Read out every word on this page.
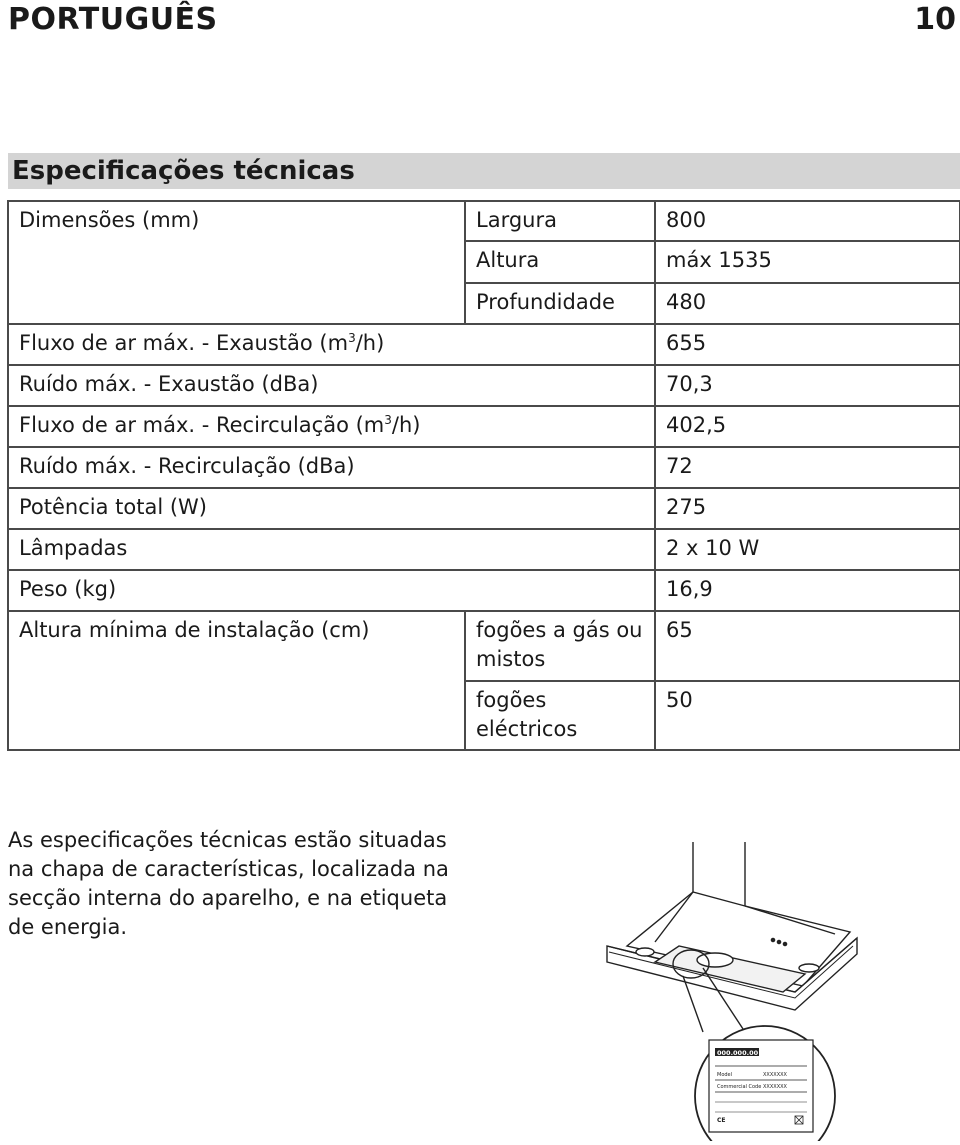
PORTUGUÊS	10
Especificações técnicas
Dimensões (mm)	Largura	800
	Altura	máx 1535
	Profundidade	480
Fluxo de ar máx. - Exaustão $(m^3/h)$		655
Ruído máx. - Exaustão (dBa)		70,3
Fluxo de ar máx. - Recirculação $(m^3/h)$		402,5
Ruído máx. - Recirculação (dBa)		72
Potência total (W)		275
Lâmpadas		2 x 10 W
Peso (kg)		16,9
Altura mínima de instalação (cm)	fogões a gás ou mistos	65
	fogões eléctricos	50
As especificações técnicas estão situadas na chapa de características, localizada na secção interna do aparelho, e na etiqueta de energia.
000.000.00
Model	XXXXXXX
Commercial Code XXXXXXX
CE
